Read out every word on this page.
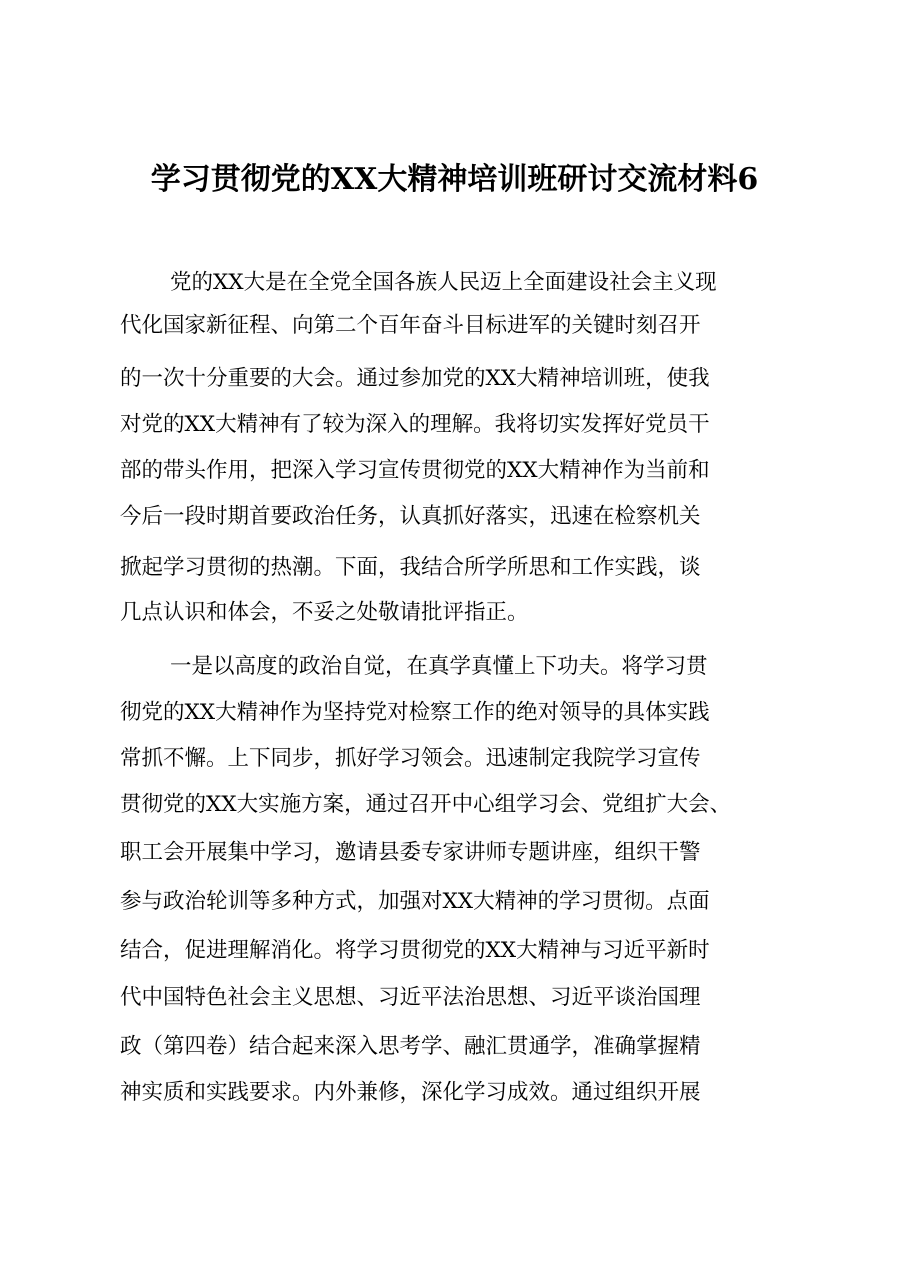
学习贯彻党的XX大精神培训班研讨交流材料6

党的XX大是在全党全国各族人民迈上全面建设社会主义现

代化国家新征程、向第二个百年奋斗目标进军的关键时刻召开

的一次十分重要的大会。通过参加党的XX大精神培训班，使我

对党的XX大精神有了较为深入的理解。我将切实发挥好党员干

部的带头作用，把深入学习宣传贯彻党的XX大精神作为当前和

今后一段时期首要政治任务，认真抓好落实，迅速在检察机关

掀起学习贯彻的热潮。下面，我结合所学所思和工作实践，谈

几点认识和体会，不妥之处敬请批评指正。

一是以高度的政治自觉，在真学真懂上下功夫。将学习贯

彻党的XX大精神作为坚持党对检察工作的绝对领导的具体实践

常抓不懈。上下同步，抓好学习领会。迅速制定我院学习宣传

贯彻党的XX大实施方案，通过召开中心组学习会、党组扩大会、

职工会开展集中学习，邀请县委专家讲师专题讲座，组织干警

参与政治轮训等多种方式，加强对XX大精神的学习贯彻。点面

结合，促进理解消化。将学习贯彻党的XX大精神与习近平新时

代中国特色社会主义思想、习近平法治思想、习近平谈治国理

政（第四卷）结合起来深入思考学、融汇贯通学，准确掌握精

神实质和实践要求。内外兼修，深化学习成效。通过组织开展
